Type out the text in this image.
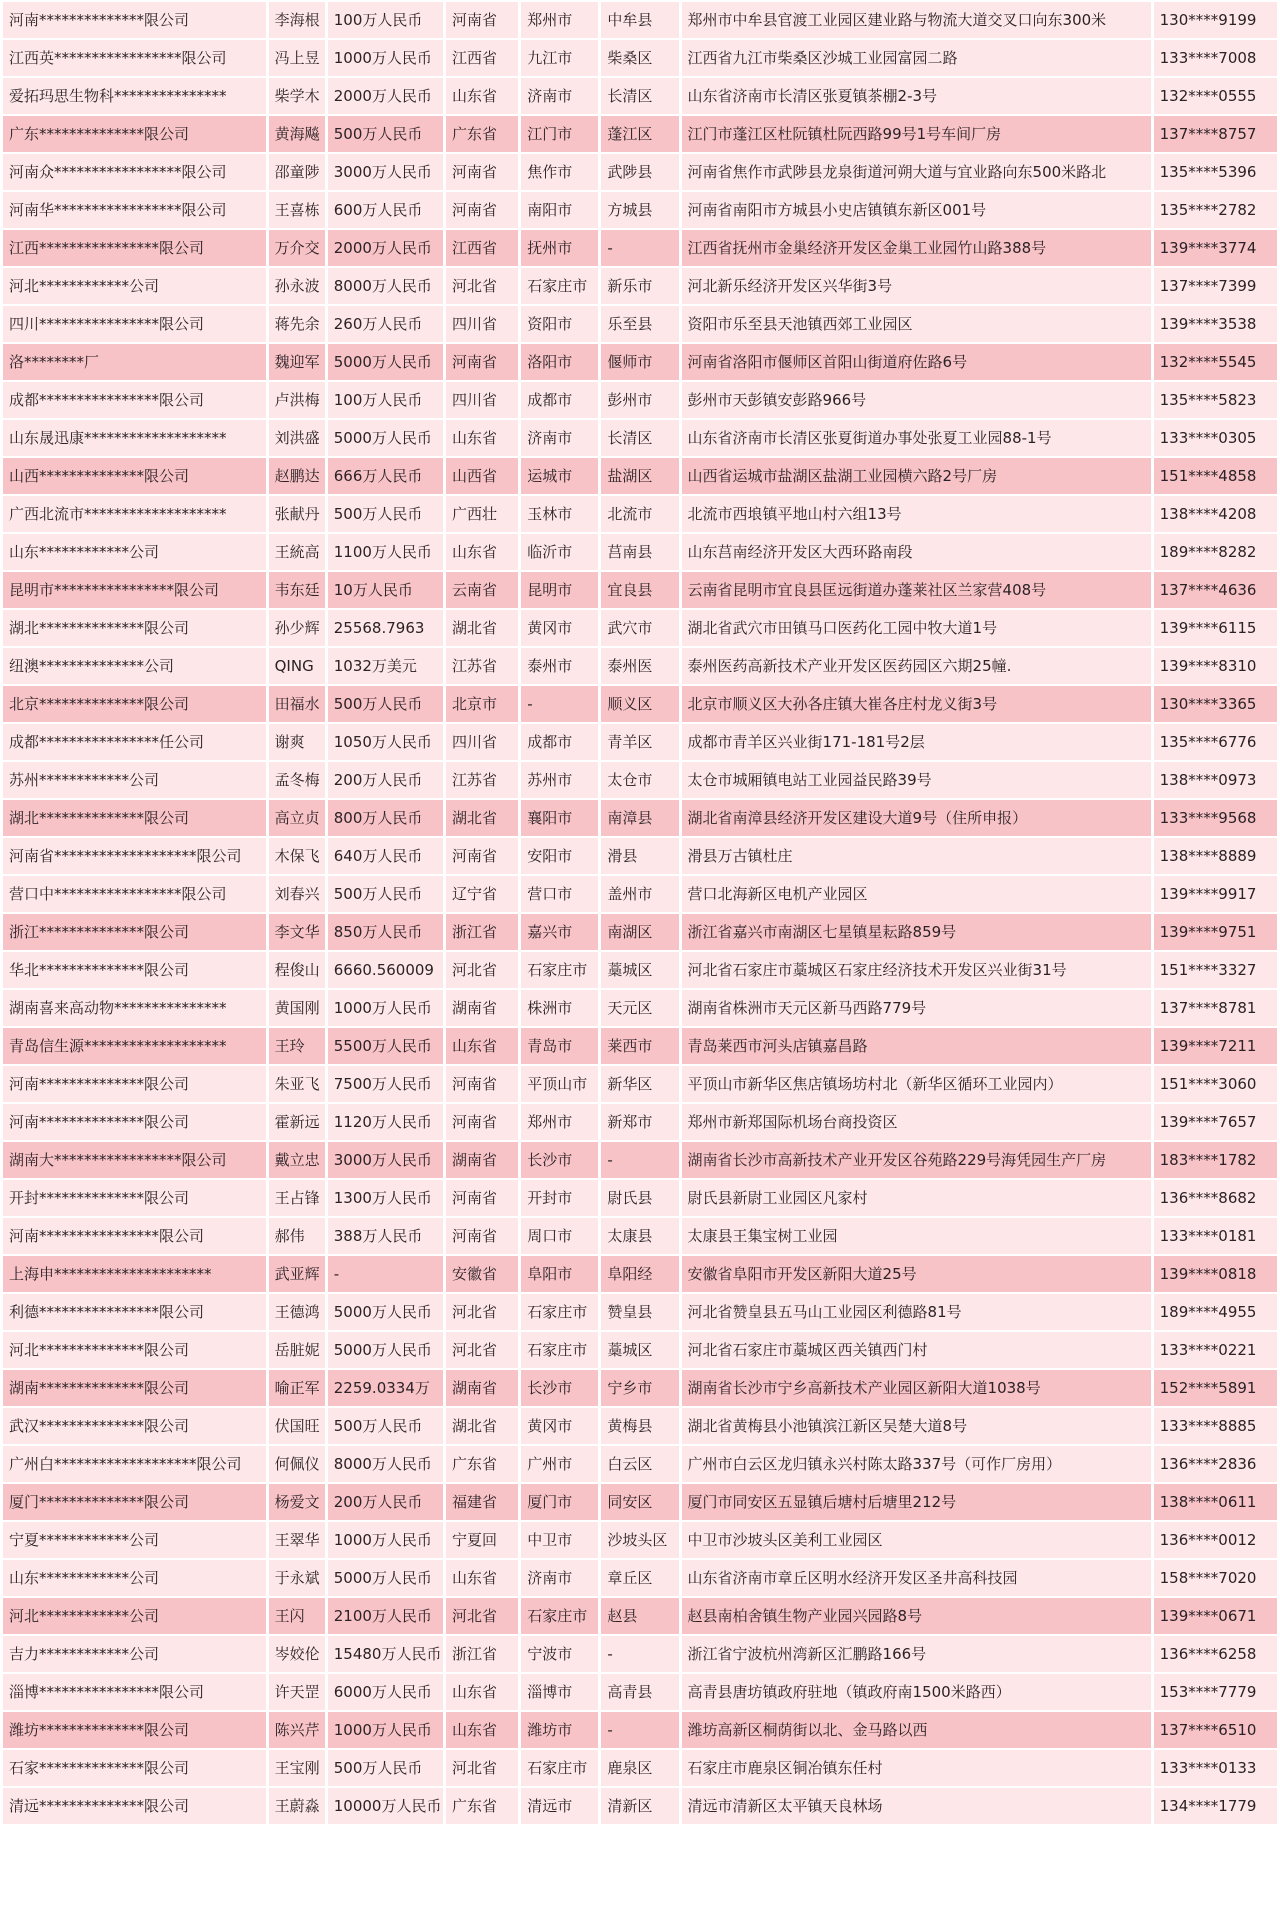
河南**************限公司	李海根	100万人民币	河南省	郑州市	中牟县	郑州市中牟县官渡工业园区建业路与物流大道交叉口向东300米	130****9199
江西英*****************限公司	冯上昱	1000万人民币	江西省	九江市	柴桑区	江西省九江市柴桑区沙城工业园富园二路	133****7008
爱拓玛思生物科***************	柴学木	2000万人民币	山东省	济南市	长清区	山东省济南市长清区张夏镇茶棚2-3号	132****0555
广东**************限公司	黄海飚	500万人民币	广东省	江门市	蓬江区	江门市蓬江区杜阮镇杜阮西路99号1号车间厂房	137****8757
河南众*****************限公司	邵童陟	3000万人民币	河南省	焦作市	武陟县	河南省焦作市武陟县龙泉街道河朔大道与宜业路向东500米路北	135****5396
河南华*****************限公司	王喜栋	600万人民币	河南省	南阳市	方城县	河南省南阳市方城县小史店镇镇东新区001号	135****2782
江西****************限公司	万介交	2000万人民币	江西省	抚州市	-	江西省抚州市金巢经济开发区金巢工业园竹山路388号	139****3774
河北************公司	孙永波	8000万人民币	河北省	石家庄市	新乐市	河北新乐经济开发区兴华街3号	137****7399
四川****************限公司	蒋先余	260万人民币	四川省	资阳市	乐至县	资阳市乐至县天池镇西郊工业园区	139****3538
洛********厂	魏迎军	5000万人民币	河南省	洛阳市	偃师市	河南省洛阳市偃师区首阳山街道府佐路6号	132****5545
成都****************限公司	卢洪梅	100万人民币	四川省	成都市	彭州市	彭州市天彭镇安彭路966号	135****5823
山东晟迅康*******************	刘洪盛	5000万人民币	山东省	济南市	长清区	山东省济南市长清区张夏街道办事处张夏工业园88-1号	133****0305
山西**************限公司	赵鹏达	666万人民币	山西省	运城市	盐湖区	山西省运城市盐湖区盐湖工业园横六路2号厂房	151****4858
广西北流市*******************	张献丹	500万人民币	广西壮	玉林市	北流市	北流市西埌镇平地山村六组13号	138****4208
山东************公司	王統高	1100万人民币	山东省	临沂市	莒南县	山东莒南经济开发区大西环路南段	189****8282
昆明市****************限公司	韦东廷	10万人民币	云南省	昆明市	宜良县	云南省昆明市宜良县匡远街道办蓬莱社区兰家营408号	137****4636
湖北**************限公司	孙少辉	25568.7963	湖北省	黄冈市	武穴市	湖北省武穴市田镇马口医药化工园中牧大道1号	139****6115
纽澳**************公司	QING	1032万美元	江苏省	泰州市	泰州医	泰州医药高新技术产业开发区医药园区六期25幢.	139****8310
北京**************限公司	田福水	500万人民币	北京市	-	顺义区	北京市顺义区大孙各庄镇大崔各庄村龙义街3号	130****3365
成都****************任公司	谢爽	1050万人民币	四川省	成都市	青羊区	成都市青羊区兴业街171-181号2层	135****6776
苏州************公司	孟冬梅	200万人民币	江苏省	苏州市	太仓市	太仓市城厢镇电站工业园益民路39号	138****0973
湖北**************限公司	高立贞	800万人民币	湖北省	襄阳市	南漳县	湖北省南漳县经济开发区建设大道9号（住所申报）	133****9568
河南省*******************限公司	木保飞	640万人民币	河南省	安阳市	滑县	滑县万古镇杜庄	138****8889
营口中*****************限公司	刘春兴	500万人民币	辽宁省	营口市	盖州市	营口北海新区电机产业园区	139****9917
浙江**************限公司	李文华	850万人民币	浙江省	嘉兴市	南湖区	浙江省嘉兴市南湖区七星镇星耘路859号	139****9751
华北**************限公司	程俊山	6660.560009	河北省	石家庄市	藁城区	河北省石家庄市藁城区石家庄经济技术开发区兴业街31号	151****3327
湖南喜来高动物***************	黄国刚	1000万人民币	湖南省	株洲市	天元区	湖南省株洲市天元区新马西路779号	137****8781
青岛信生源*******************	王玲	5500万人民币	山东省	青岛市	莱西市	青岛莱西市河头店镇嘉昌路	139****7211
河南**************限公司	朱亚飞	7500万人民币	河南省	平顶山市	新华区	平顶山市新华区焦店镇场坊村北（新华区循环工业园内）	151****3060
河南**************限公司	霍新远	1120万人民币	河南省	郑州市	新郑市	郑州市新郑国际机场台商投资区	139****7657
湖南大*****************限公司	戴立忠	3000万人民币	湖南省	长沙市	-	湖南省长沙市高新技术产业开发区谷苑路229号海凭园生产厂房	183****1782
开封**************限公司	王占锋	1300万人民币	河南省	开封市	尉氏县	尉氏县新尉工业园区凡家村	136****8682
河南****************限公司	郝伟	388万人民币	河南省	周口市	太康县	太康县王集宝树工业园	133****0181
上海申*********************	武亚辉	-	安徽省	阜阳市	阜阳经	安徽省阜阳市开发区新阳大道25号	139****0818
利德****************限公司	王德鸿	5000万人民币	河北省	石家庄市	赞皇县	河北省赞皇县五马山工业园区利德路81号	189****4955
河北**************限公司	岳脏妮	5000万人民币	河北省	石家庄市	藁城区	河北省石家庄市藁城区西关镇西门村	133****0221
湖南**************限公司	喻正军	2259.0334万	湖南省	长沙市	宁乡市	湖南省长沙市宁乡高新技术产业园区新阳大道1038号	152****5891
武汉**************限公司	伏国旺	500万人民币	湖北省	黄冈市	黄梅县	湖北省黄梅县小池镇滨江新区吴楚大道8号	133****8885
广州白*******************限公司	何佩仪	8000万人民币	广东省	广州市	白云区	广州市白云区龙归镇永兴村陈太路337号（可作厂房用）	136****2836
厦门**************限公司	杨爱文	200万人民币	福建省	厦门市	同安区	厦门市同安区五显镇后塘村后塘里212号	138****0611
宁夏************公司	王翠华	1000万人民币	宁夏回	中卫市	沙坡头区	中卫市沙坡头区美利工业园区	136****0012
山东************公司	于永斌	5000万人民币	山东省	济南市	章丘区	山东省济南市章丘区明水经济开发区圣井高科技园	158****7020
河北************公司	王闪	2100万人民币	河北省	石家庄市	赵县	赵县南柏舍镇生物产业园兴园路8号	139****0671
吉力************公司	岑姣伦	15480万人民币	浙江省	宁波市	-	浙江省宁波杭州湾新区汇鹏路166号	136****6258
淄博****************限公司	许天罡	6000万人民币	山东省	淄博市	高青县	高青县唐坊镇政府驻地（镇政府南1500米路西）	153****7779
潍坊**************限公司	陈兴芹	1000万人民币	山东省	潍坊市	-	潍坊高新区桐荫街以北、金马路以西	137****6510
石家**************限公司	王宝刚	500万人民币	河北省	石家庄市	鹿泉区	石家庄市鹿泉区铜冶镇东任村	133****0133
清远**************限公司	王蔚淼	10000万人民币	广东省	清远市	清新区	清远市清新区太平镇天良林场	134****1779
